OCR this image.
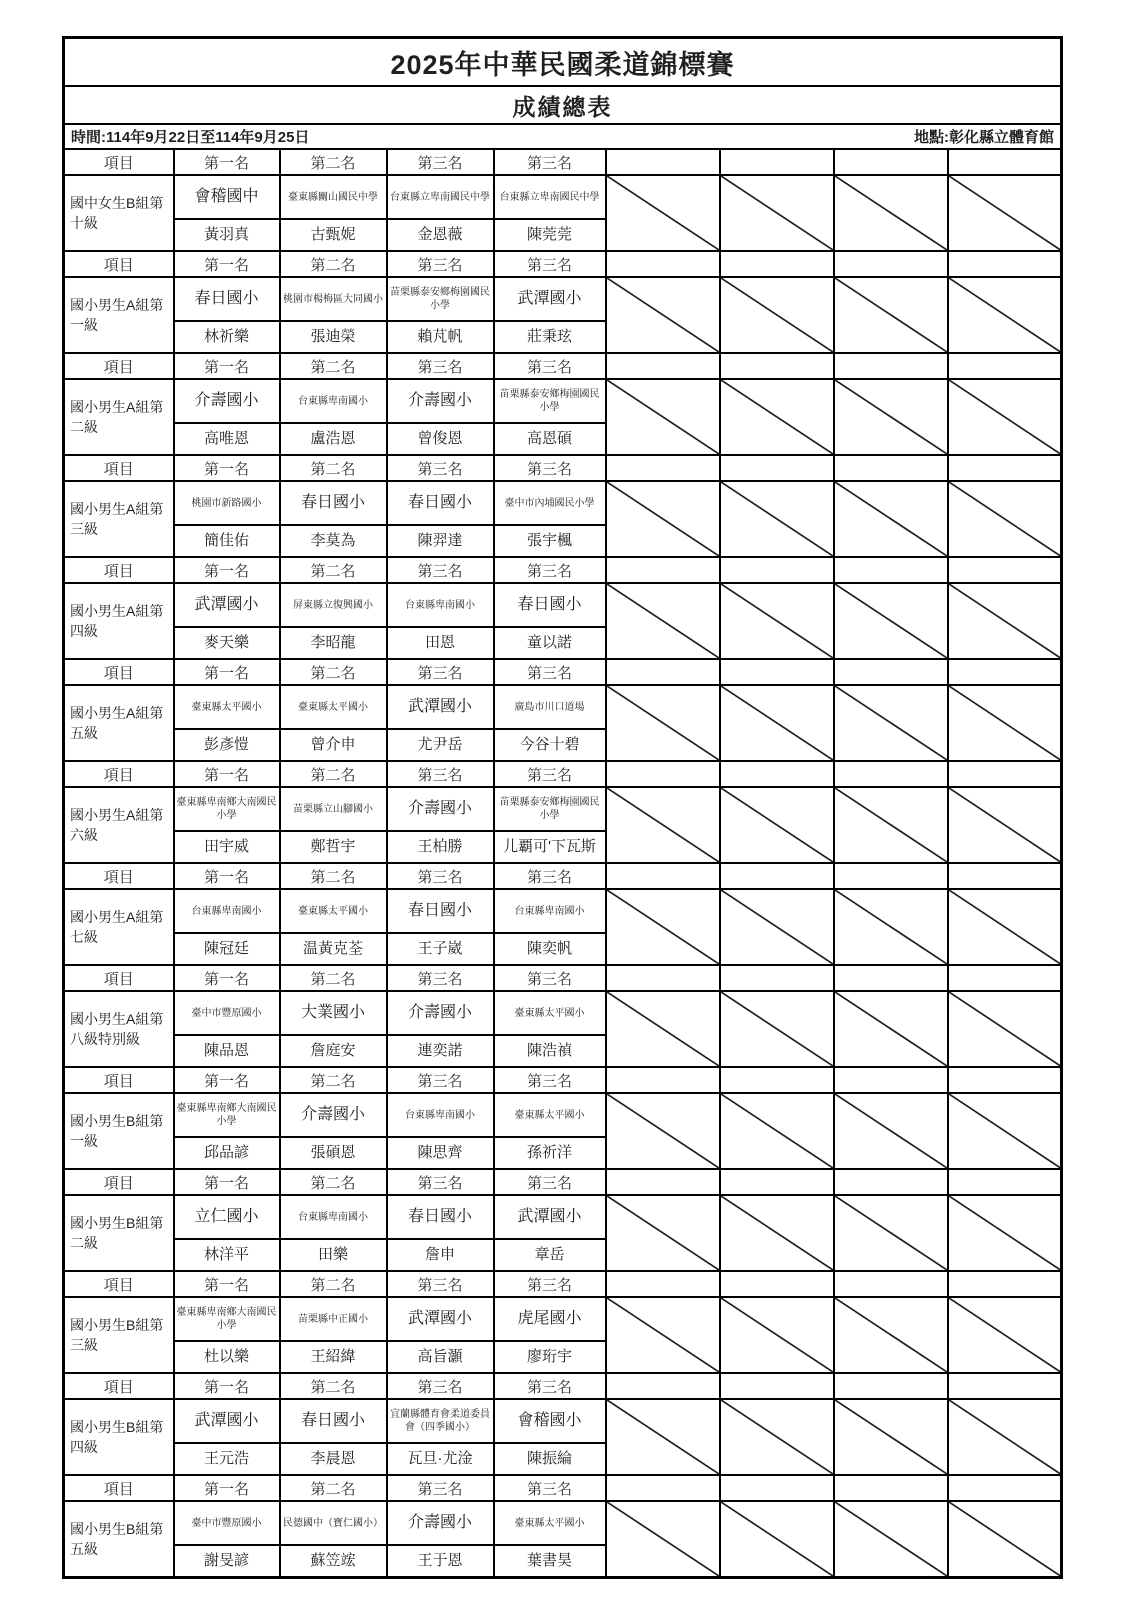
2025年中華民國柔道錦標賽								
成績總表								

時間:114年9月22日至114年9月25日 地點:彰化縣立體育館								

項目	第一名	第二名	第三名	第三名				

國中女生B組第十級	會稽國中	臺東縣關山國民中學	台東縣立卑南國民中學	台東縣立卑南國民中學

黃羽真	古甄妮	金恩薇	陳莞莞				

項目	第一名	第二名	第三名	第三名				

國小男生A組第一級	春日國小	桃園市楊梅區大同國小	苗栗縣泰安鄉梅園國民小學	武潭國小

林祈樂	張迪榮	賴芃帆	莊秉玹				

項目	第一名	第二名	第三名	第三名				

國小男生A組第二級	介壽國小	台東縣卑南國小	介壽國小	苗栗縣泰安鄉梅園國民小學

高唯恩	盧浩恩	曾俊恩	高恩碩				

項目	第一名	第二名	第三名	第三名				

國小男生A組第三級	桃園市新路國小	春日國小	春日國小	臺中市內埔國民小學

簡佳佑	李莫為	陳羿達	張宇楓				

項目	第一名	第二名	第三名	第三名				

國小男生A組第四級	武潭國小	屏東縣立復興國小	台東縣卑南國小	春日國小

麥天樂	李昭龍	田恩	童以諾				

項目	第一名	第二名	第三名	第三名				

國小男生A組第五級	臺東縣太平國小	臺東縣太平國小	武潭國小	廣島市川口道場

彭彥愷	曾介申	尤尹岳	今谷十碧				

項目	第一名	第二名	第三名	第三名				

國小男生A組第六級	臺東縣卑南鄉大南國民小學	苗栗縣立山腳國小	介壽國小	苗栗縣泰安鄉梅園國民小學

田宇威	鄭哲宇	王柏勝	儿覇可'下瓦斯				

項目	第一名	第二名	第三名	第三名				

國小男生A組第七級	台東縣卑南國小	臺東縣太平國小	春日國小	台東縣卑南國小

陳冠廷	温黃克荃	王子崴	陳奕帆				

項目	第一名	第二名	第三名	第三名				

國小男生A組第八級特別級	臺中市豐原國小	大業國小	介壽國小	臺東縣太平國小

陳品恩	詹庭安	連奕諾	陳浩禎				

項目	第一名	第二名	第三名	第三名				

國小男生B組第一級	臺東縣卑南鄉大南國民小學	介壽國小	台東縣卑南國小	臺東縣太平國小

邱品諺	張碩恩	陳思齊	孫祈洋				

項目	第一名	第二名	第三名	第三名				

國小男生B組第二級	立仁國小	台東縣卑南國小	春日國小	武潭國小

林洋平	田樂	詹申	章岳				

項目	第一名	第二名	第三名	第三名				

國小男生B組第三級	臺東縣卑南鄉大南國民小學	苗栗縣中正國小	武潭國小	虎尾國小

杜以樂	王紹緯	高旨灝	廖珩宇				

項目	第一名	第二名	第三名	第三名				

國小男生B組第四級	武潭國小	春日國小	宜蘭縣體育會柔道委員會（四季國小）	會稽國小

王元浩	李晨恩	瓦旦·尤淦	陳振綸				

項目	第一名	第二名	第三名	第三名				

國小男生B組第五級	臺中市豐原國小	民德國中（寶仁國小）	介壽國小	臺東縣太平國小

謝旻諺	蘇笠竤	王于恩	葉書昊				
